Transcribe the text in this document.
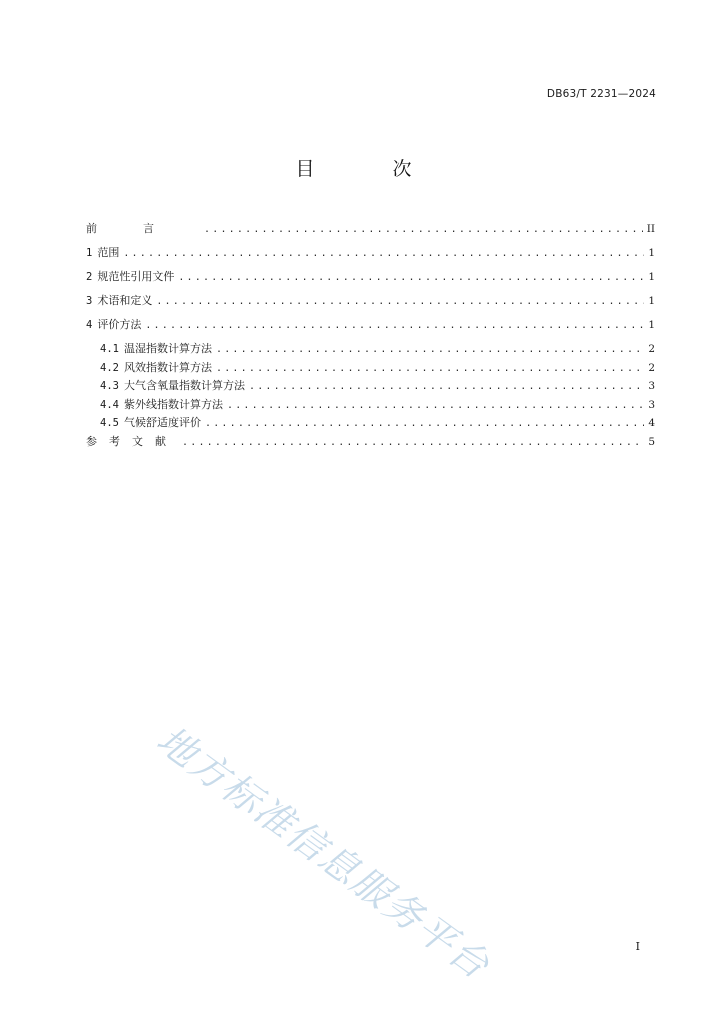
DB63/T 2231—2024
目 次
前言 .....	II
1 范围 .....	1
2 规范性引用文件 .....	1
3 术语和定义 .....	1
4 评价方法 .....	1
4.1 温湿指数计算方法 .....	2
4.2 风效指数计算方法 .....	2
4.3 大气含氧量指数计算方法 .....	3
4.4 紫外线指数计算方法 .....	3
4.5 气候舒适度评价 .....	4
参考文献 .....	5
地方标准信息服务平台	I
